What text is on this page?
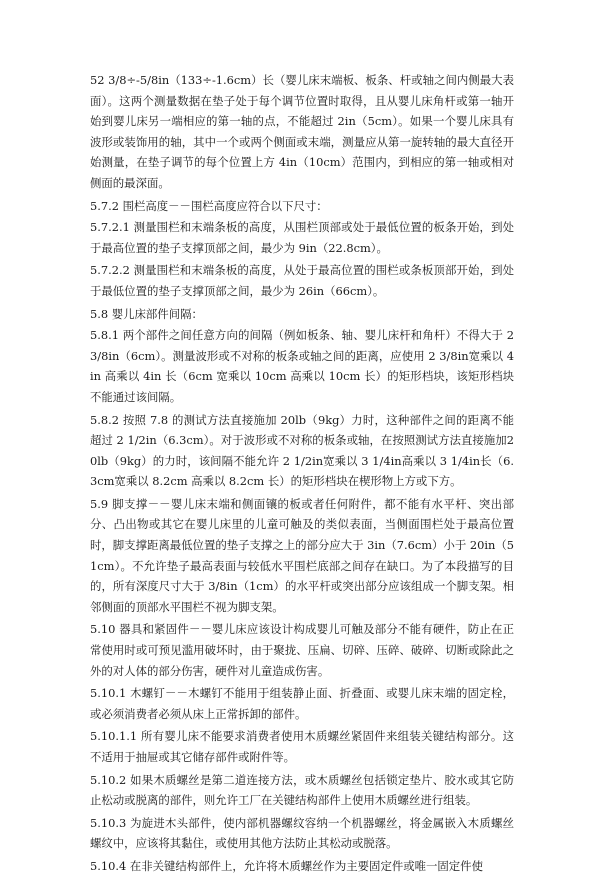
52 3/8÷-5/8in（133÷-1.6cm）长（婴儿床末端板、板条、杆或轴之间内侧最大表面）。这两个测量数据在垫子处于每个调节位置时取得，且从婴儿床角杆或第一轴开始到婴儿床另一端相应的第一轴的点，不能超过 2in（5cm）。如果一个婴儿床具有波形或装饰用的轴，其中一个或两个侧面或末端，测量应从第一旋转轴的最大直径开始测量，在垫子调节的每个位置上方 4in（10cm）范围内，到相应的第一轴或相对侧面的最深面。

5.7.2 围栏高度－－围栏高度应符合以下尺寸：

5.7.2.1 测量围栏和末端条板的高度，从围栏顶部或处于最低位置的板条开始，到处于最高位置的垫子支撑顶部之间，最少为 9in（22.8cm）。

5.7.2.2 测量围栏和末端条板的高度，从处于最高位置的围栏或条板顶部开始，到处于最低位置的垫子支撑顶部之间，最少为 26in（66cm）。

5.8 婴儿床部件间隔：

5.8.1 两个部件之间任意方向的间隔（例如板条、轴、婴儿床杆和角杆）不得大于 2 3/8in（6cm）。测量波形或不对称的板条或轴之间的距离，应使用 2 3/8in宽乘以 4in 高乘以 4in 长（6cm 宽乘以 10cm 高乘以 10cm 长）的矩形档块，该矩形档块不能通过该间隔。

5.8.2 按照 7.8 的测试方法直接施加 20lb（9kg）力时，这种部件之间的距离不能超过 2 1/2in（6.3cm）。对于波形或不对称的板条或轴，在按照测试方法直接施加20lb（9kg）的力时，该间隔不能允许 2 1/2in宽乘以 3 1/4in高乘以 3 1/4in长（6.3cm宽乘以 8.2cm 高乘以 8.2cm 长）的矩形档块在楔形物上方或下方。

5.9 脚支撑－－婴儿床末端和侧面镶的板或者任何附件，都不能有水平杆、突出部分、凸出物或其它在婴儿床里的儿童可触及的类似表面，当侧面围栏处于最高位置时，脚支撑距离最低位置的垫子支撑之上的部分应大于 3in（7.6cm）小于 20in（51cm）。不允许垫子最高表面与较低水平围栏底部之间存在缺口。为了本段描写的目的，所有深度尺寸大于 3/8in（1cm）的水平杆或突出部分应该组成一个脚支架。相邻侧面的顶部水平围栏不视为脚支架。

5.10 器具和紧固件－－婴儿床应该设计构成婴儿可触及部分不能有硬件，防止在正常使用时或可预见滥用破坏时，由于聚拢、压扁、切碎、压碎、破碎、切断或除此之外的对人体的部分伤害，硬件对儿童造成伤害。

5.10.1 木螺钉－－木螺钉不能用于组装静止面、折叠面、或婴儿床末端的固定栓，或必须消费者必须从床上正常拆卸的部件。

5.10.1.1 所有婴儿床不能要求消费者使用木质螺丝紧固件来组装关键结构部分。这不适用于抽屉或其它储存部件或附件等。

5.10.2 如果木质螺丝是第二道连接方法，或木质螺丝包括锁定垫片、胶水或其它防止松动或脱离的部件，则允许工厂在关键结构部件上使用木质螺丝进行组装。

5.10.3 为旋进木头部件，使内部机器螺纹容纳一个机器螺丝，将金属嵌入木质螺丝螺纹中，应该将其黏住，或使用其他方法防止其松动或脱落。

5.10.4 在非关键结构部件上，允许将木质螺丝作为主要固定件或唯一固定件使
